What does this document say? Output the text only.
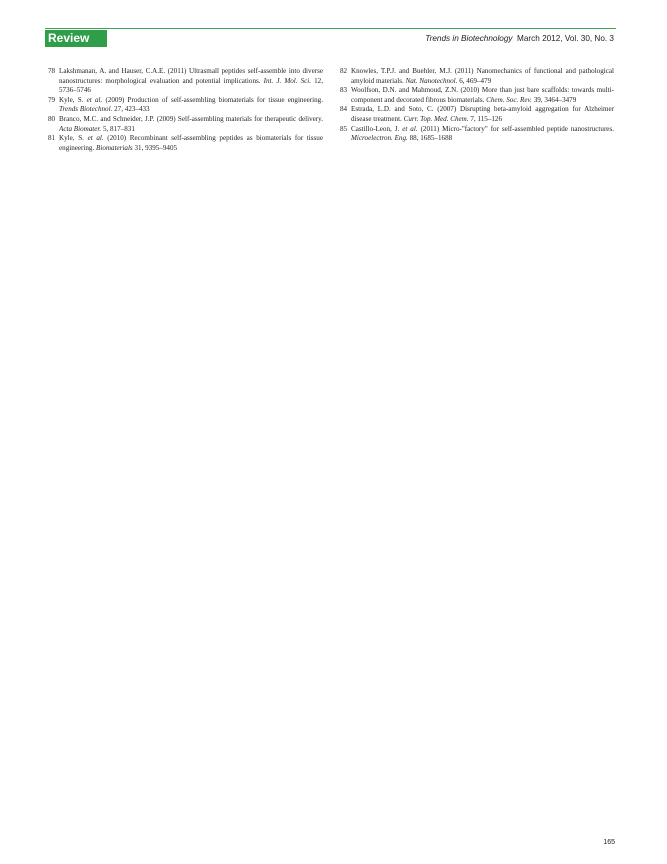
Review	Trends in Biotechnology March 2012, Vol. 30, No. 3

78 Lakshmanan, A. and Hauser, C.A.E. (2011) Ultrasmall peptides self-assemble into diverse nanostructures: morphological evaluation and potential implications. Int. J. Mol. Sci. 12, 5736–5746

79 Kyle, S. et al. (2009) Production of self-assembling biomaterials for tissue engineering. Trends Biotechnol. 27, 423–433

80 Branco, M.C. and Schneider, J.P. (2009) Self-assembling materials for therapeutic delivery. Acta Biomater. 5, 817–831

81 Kyle, S. et al. (2010) Recombinant self-assembling peptides as biomaterials for tissue engineering. Biomaterials 31, 9395–9405

82 Knowles, T.P.J. and Buehler, M.J. (2011) Nanomechanics of functional and pathological amyloid materials. Nat. Nanotechnol. 6, 469–479

83 Woolfson, D.N. and Mahmoud, Z.N. (2010) More than just bare scaffolds: towards multi-component and decorated fibrous biomaterials. Chem. Soc. Rev. 39, 3464–3479

84 Estrada, L.D. and Soto, C. (2007) Disrupting beta-amyloid aggregation for Alzheimer disease treatment. Curr. Top. Med. Chem. 7, 115–126

85 Castillo-Leon, J. et al. (2011) Micro-"factory" for self-assembled peptide nanostructures. Microelectron. Eng. 88, 1685–1688

165
